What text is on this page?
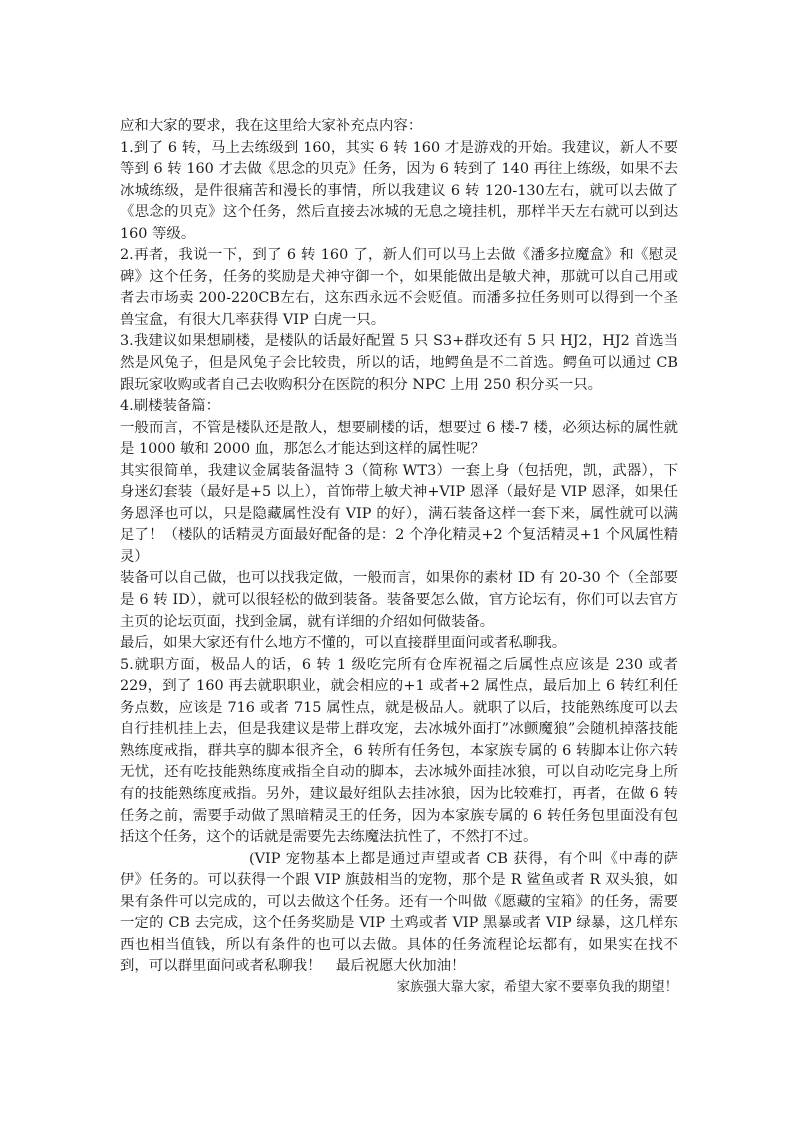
应和大家的要求，我在这里给大家补充点内容：

1.到了 6 转，马上去练级到 160，其实 6 转 160 才是游戏的开始。我建议，新人不要等到 6 转 160 才去做《思念的贝克》任务，因为 6 转到了 140 再往上练级，如果不去冰城练级，是件很痛苦和漫长的事情，所以我建议 6 转 120-130左右，就可以去做了《思念的贝克》这个任务，然后直接去冰城的无息之境挂机，那样半天左右就可以到达 160 等级。

2.再者，我说一下，到了 6 转 160 了，新人们可以马上去做《潘多拉魔盒》和《慰灵碑》这个任务，任务的奖励是犬神守御一个，如果能做出是敏犬神，那就可以自己用或者去市场卖 200-220CB左右，这东西永远不会贬值。而潘多拉任务则可以得到一个圣兽宝盒，有很大几率获得 VIP 白虎一只。

3.我建议如果想刷楼，是楼队的话最好配置 5 只 S3+群攻还有 5 只 HJ2，HJ2 首选当然是风兔子，但是风兔子会比较贵，所以的话，地鳄鱼是不二首选。鳄鱼可以通过 CB 跟玩家收购或者自己去收购积分在医院的积分 NPC 上用 250 积分买一只。

4.刷楼装备篇：

一般而言，不管是楼队还是散人，想要刷楼的话，想要过 6 楼-7 楼，必须达标的属性就是 1000 敏和 2000 血，那怎么才能达到这样的属性呢？

其实很简单，我建议金属装备温特 3（简称 WT3）一套上身（包括兜，凯，武器），下身迷幻套装（最好是+5 以上），首饰带上敏犬神+VIP 恩泽（最好是 VIP 恩泽，如果任务恩泽也可以，只是隐藏属性没有 VIP 的好），满石装备这样一套下来，属性就可以满足了！（楼队的话精灵方面最好配备的是：2 个净化精灵+2 个复活精灵+1 个风属性精灵）

装备可以自己做，也可以找我定做，一般而言，如果你的素材 ID 有 20-30 个（全部要是 6 转 ID），就可以很轻松的做到装备。装备要怎么做，官方论坛有，你们可以去官方主页的论坛页面，找到金属，就有详细的介绍如何做装备。

最后，如果大家还有什么地方不懂的，可以直接群里面问或者私聊我。

5.就职方面，极品人的话，6 转 1 级吃完所有仓库祝福之后属性点应该是 230 或者 229，到了 160 再去就职职业，就会相应的+1 或者+2 属性点，最后加上 6 转红利任务点数，应该是 716 或者 715 属性点，就是极品人。就职了以后，技能熟练度可以去自行挂机挂上去，但是我建议是带上群攻宠，去冰城外面打”冰颤魔狼”会随机掉落技能熟练度戒指，群共享的脚本很齐全，6 转所有任务包，本家族专属的 6 转脚本让你六转无忧，还有吃技能熟练度戒指全自动的脚本，去冰城外面挂冰狼，可以自动吃完身上所有的技能熟练度戒指。另外，建议最好组队去挂冰狼，因为比较难打，再者，在做 6 转任务之前，需要手动做了黑暗精灵王的任务，因为本家族专属的 6 转任务包里面没有包括这个任务，这个的话就是需要先去练魔法抗性了，不然打不过。

(VIP 宠物基本上都是通过声望或者 CB 获得，有个叫《中毒的萨伊》任务的。可以获得一个跟 VIP 旗鼓相当的宠物，那个是 R 鲨鱼或者 R 双头狼，如果有条件可以完成的，可以去做这个任务。还有一个叫做《愿藏的宝箱》的任务，需要一定的 CB 去完成，这个任务奖励是 VIP 土鸡或者 VIP 黑暴或者 VIP 绿暴，这几样东西也相当值钱，所以有条件的也可以去做。具体的任务流程论坛都有，如果实在找不到，可以群里面问或者私聊我！　最后祝愿大伙加油！

家族强大靠大家，希望大家不要辜负我的期望！
